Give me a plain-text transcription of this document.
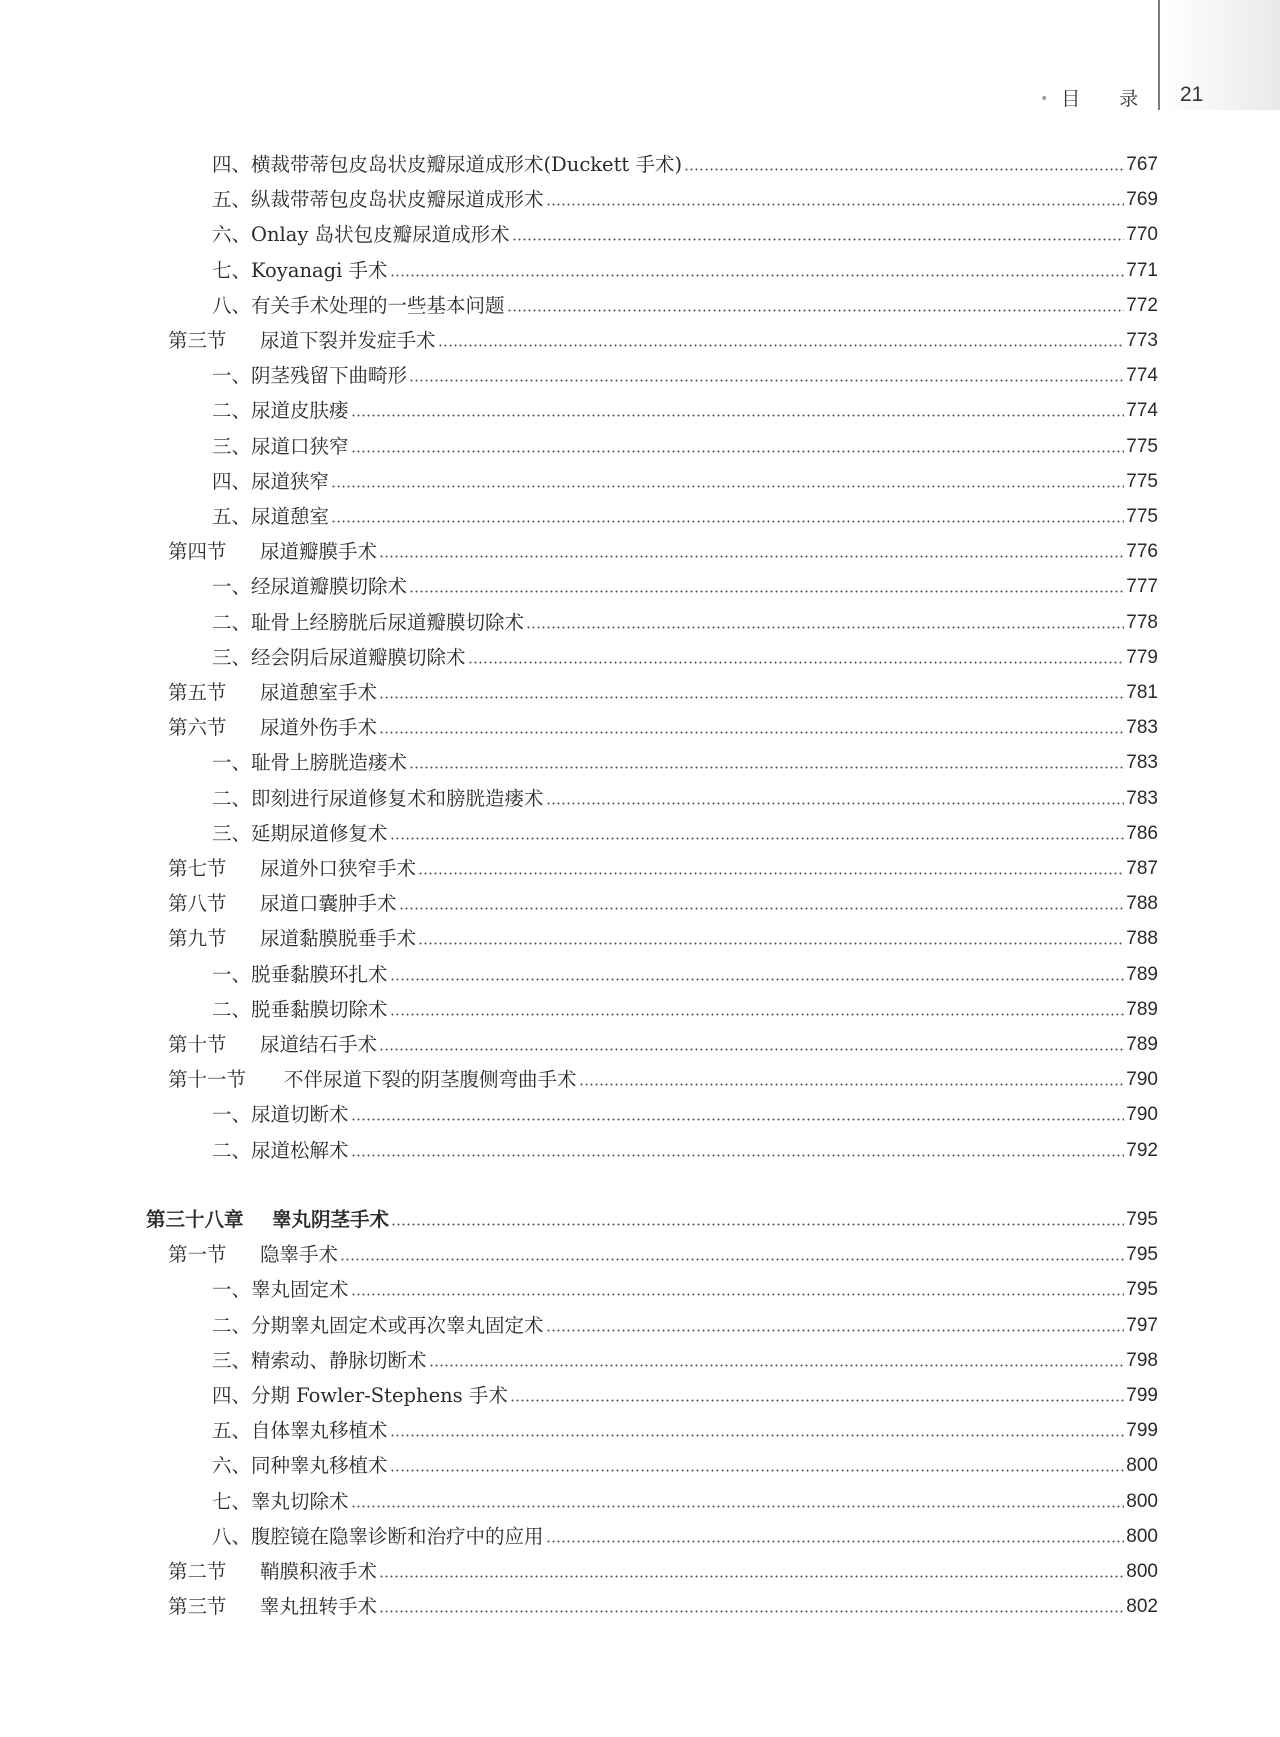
• 目 录 21
四、横裁带蒂包皮岛状皮瓣尿道成形术(Duckett 手术)	767
五、纵裁带蒂包皮岛状皮瓣尿道成形术	769
六、Onlay 岛状包皮瓣尿道成形术	770
七、Koyanagi 手术	771
八、有关手术处理的一些基本问题	772
第三节 尿道下裂并发症手术	773
一、阴茎残留下曲畸形	774
二、尿道皮肤瘘	774
三、尿道口狭窄	775
四、尿道狭窄	775
五、尿道憩室	775
第四节 尿道瓣膜手术	776
一、经尿道瓣膜切除术	777
二、耻骨上经膀胱后尿道瓣膜切除术	778
三、经会阴后尿道瓣膜切除术	779
第五节 尿道憩室手术	781
第六节 尿道外伤手术	783
一、耻骨上膀胱造瘘术	783
二、即刻进行尿道修复术和膀胱造瘘术	783
三、延期尿道修复术	786
第七节 尿道外口狭窄手术	787
第八节 尿道口囊肿手术	788
第九节 尿道黏膜脱垂手术	788
一、脱垂黏膜环扎术	789
二、脱垂黏膜切除术	789
第十节 尿道结石手术	789
第十一节 不伴尿道下裂的阴茎腹侧弯曲手术	790
一、尿道切断术	790
二、尿道松解术	792
第三十八章 睾丸阴茎手术	795
第一节 隐睾手术	795
一、睾丸固定术	795
二、分期睾丸固定术或再次睾丸固定术	797
三、精索动、静脉切断术	798
四、分期 Fowler-Stephens 手术	799
五、自体睾丸移植术	799
六、同种睾丸移植术	800
七、睾丸切除术	800
八、腹腔镜在隐睾诊断和治疗中的应用	800
第二节 鞘膜积液手术	800
第三节 睾丸扭转手术	802
